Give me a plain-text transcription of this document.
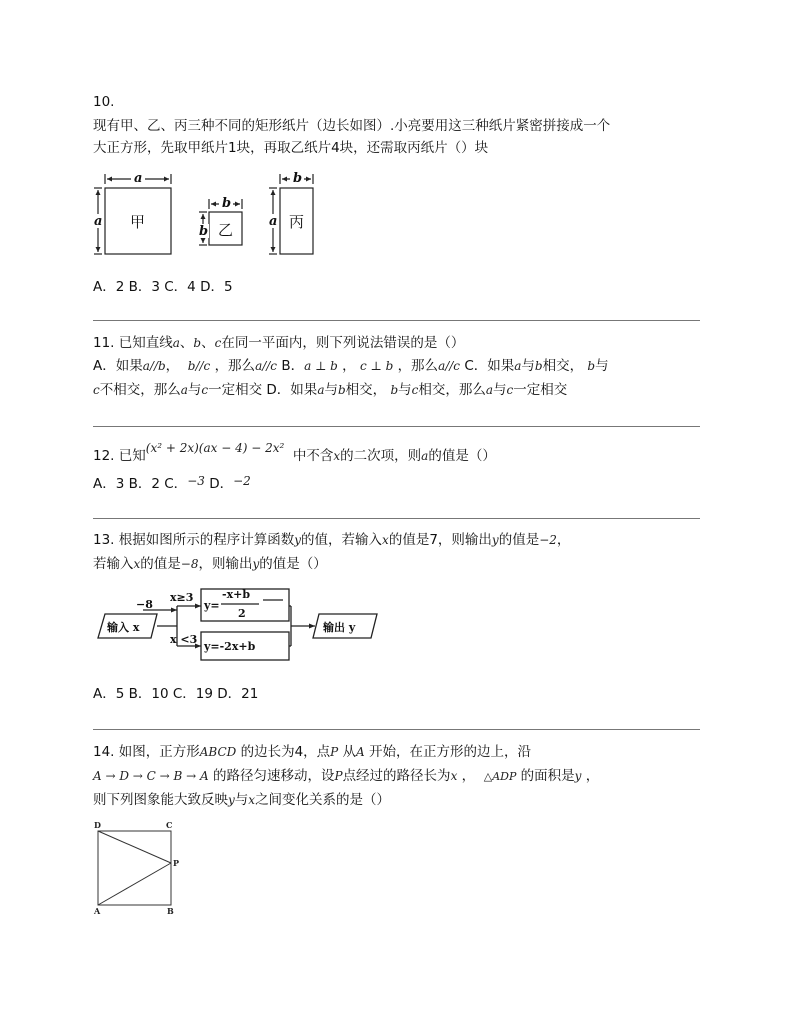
10.
现有甲、乙、丙三种不同的矩形纸片（边长如图）.小亮要用这三种纸片紧密拼接成一个
大正方形，先取甲纸片1块，再取乙纸片4块，还需取丙纸片（）块
a
a
b
b
b
a
甲	乙	丙
A．2 B．3 C．4 D．5
11. 已知直线a、b、c在同一平面内，则下列说法错误的是（）
A．如果a//b， b//c ，那么a//c B．a ⊥ b ， c ⊥ b ，那么a//c C．如果a与b相交， b与
c不相交，那么a与c一定相交 D．如果a与b相交， b与c相交，那么a与c一定相交
12. 已知(x² + 2x)(ax − 4) − 2x² 中不含x的二次项，则a的值是（）
A．3 B．2 C．−3 D．−2
13. 根据如图所示的程序计算函数y的值，若输入x的值是7，则输出y的值是−2，
若输入x的值是−8，则输出y的值是（）
−8
输入 x
x≥3
x <3
y=
-x+b
2
y=-2x+b
输出 y
A．5 B．10 C．19 D．21
14. 如图，正方形ABCD 的边长为4，点P 从A 开始，在正方形的边上，沿
A → D → C → B → A 的路径匀速移动，设P点经过的路径长为x ， △ADP 的面积是y ，
则下列图象能大致反映y与x之间变化关系的是（）
D	C
A	B
P
